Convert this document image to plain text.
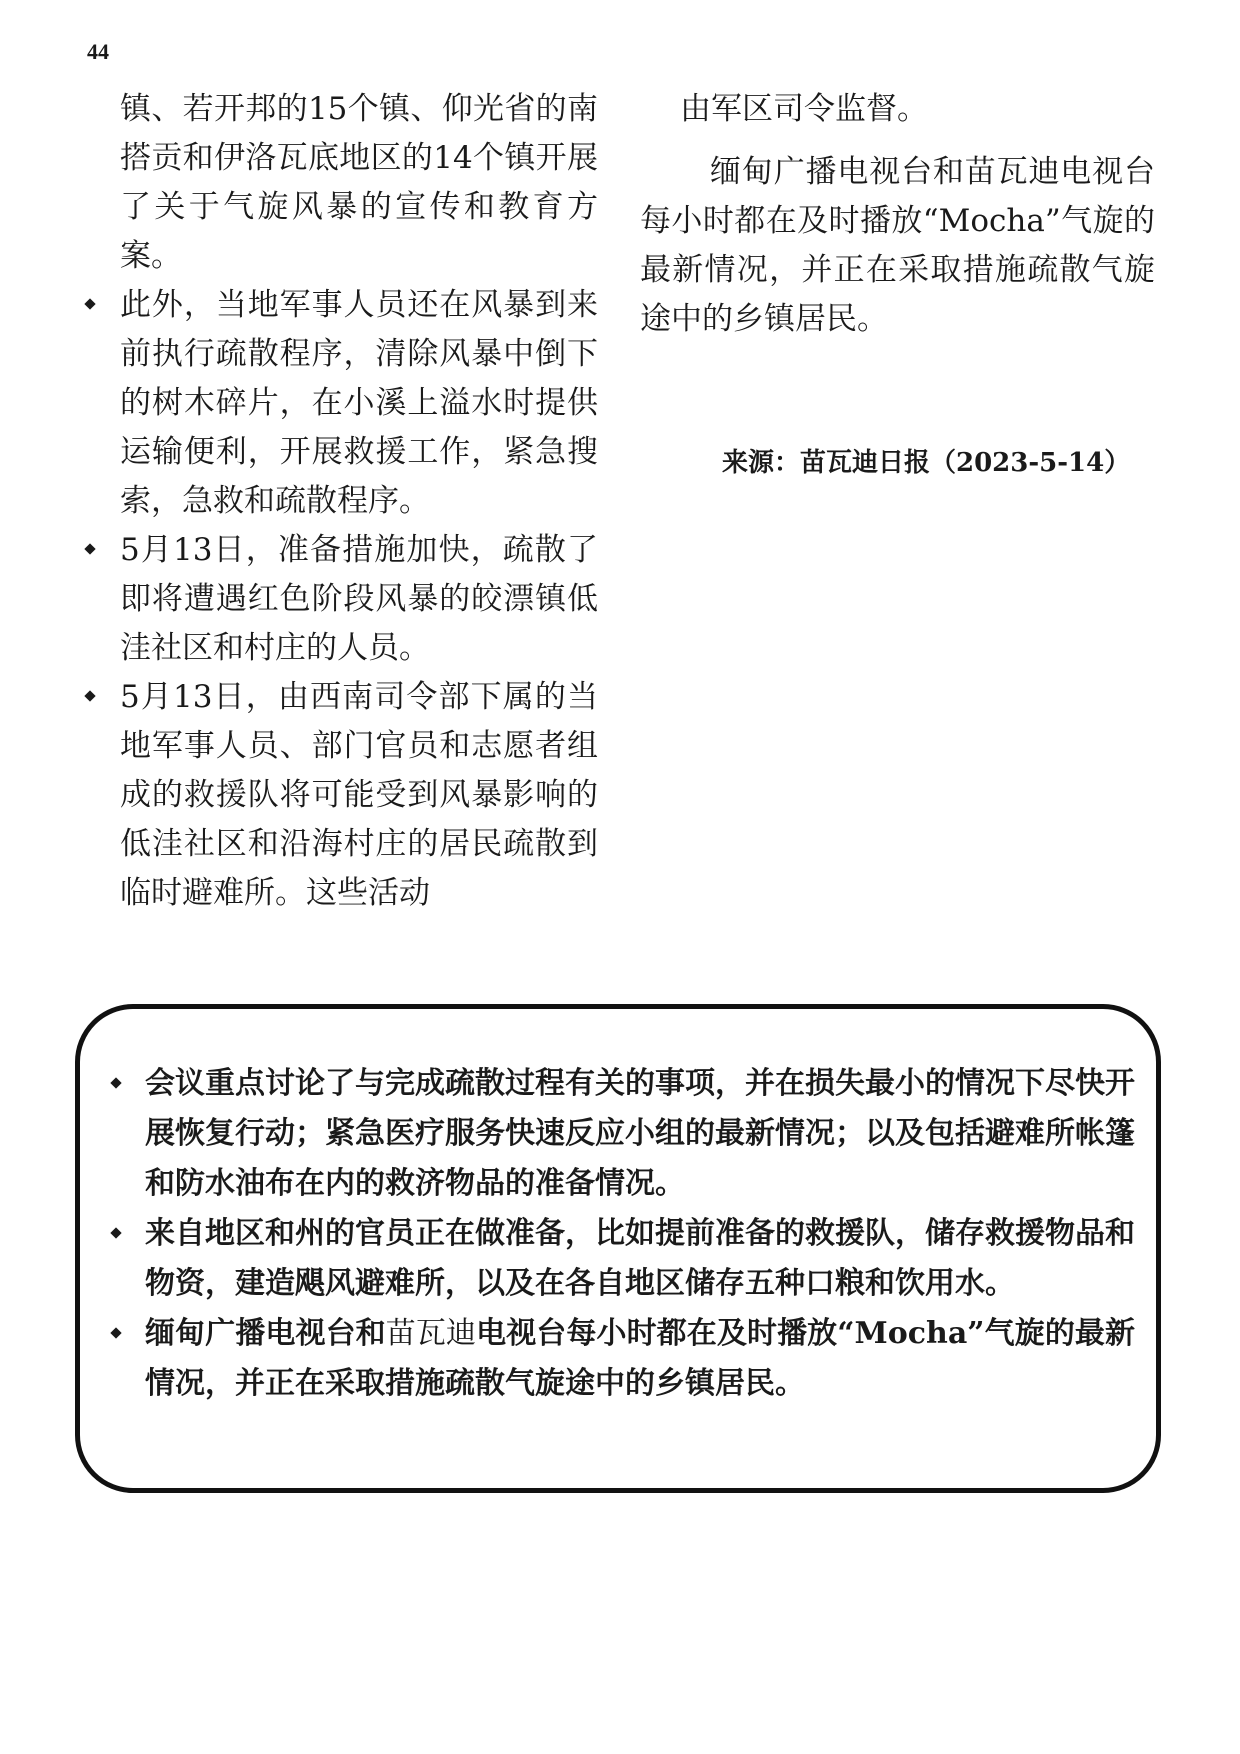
44

镇、若开邦的15个镇、仰光省的南搭贡和伊洛瓦底地区的14个镇开展了关于气旋风暴的宣传和教育方案。

此外，当地军事人员还在风暴到来前执行疏散程序，清除风暴中倒下的树木碎片，在小溪上溢水时提供运输便利，开展救援工作，紧急搜索，急救和疏散程序。
5月13日，准备措施加快，疏散了即将遭遇红色阶段风暴的皎漂镇低洼社区和村庄的人员。
5月13日，由西南司令部下属的当地军事人员、部门官员和志愿者组成的救援队将可能受到风暴影响的低洼社区和沿海村庄的居民疏散到临时避难所。这些活动

由军区司令监督。

缅甸广播电视台和苗瓦迪电视台每小时都在及时播放“Mocha”气旋的最新情况，并正在采取措施疏散气旋途中的乡镇居民。

来源：苗瓦迪日报（2023-5-14）
会议重点讨论了与完成疏散过程有关的事项，并在损失最小的情况下尽快开展恢复行动；紧急医疗服务快速反应小组的最新情况；以及包括避难所帐篷和防水油布在内的救济物品的准备情况。
来自地区和州的官员正在做准备，比如提前准备的救援队，储存救援物品和物资，建造飓风避难所，以及在各自地区储存五种口粮和饮用水。
缅甸广播电视台和苗瓦迪电视台每小时都在及时播放“Mocha”气旋的最新情况，并正在采取措施疏散气旋途中的乡镇居民。
